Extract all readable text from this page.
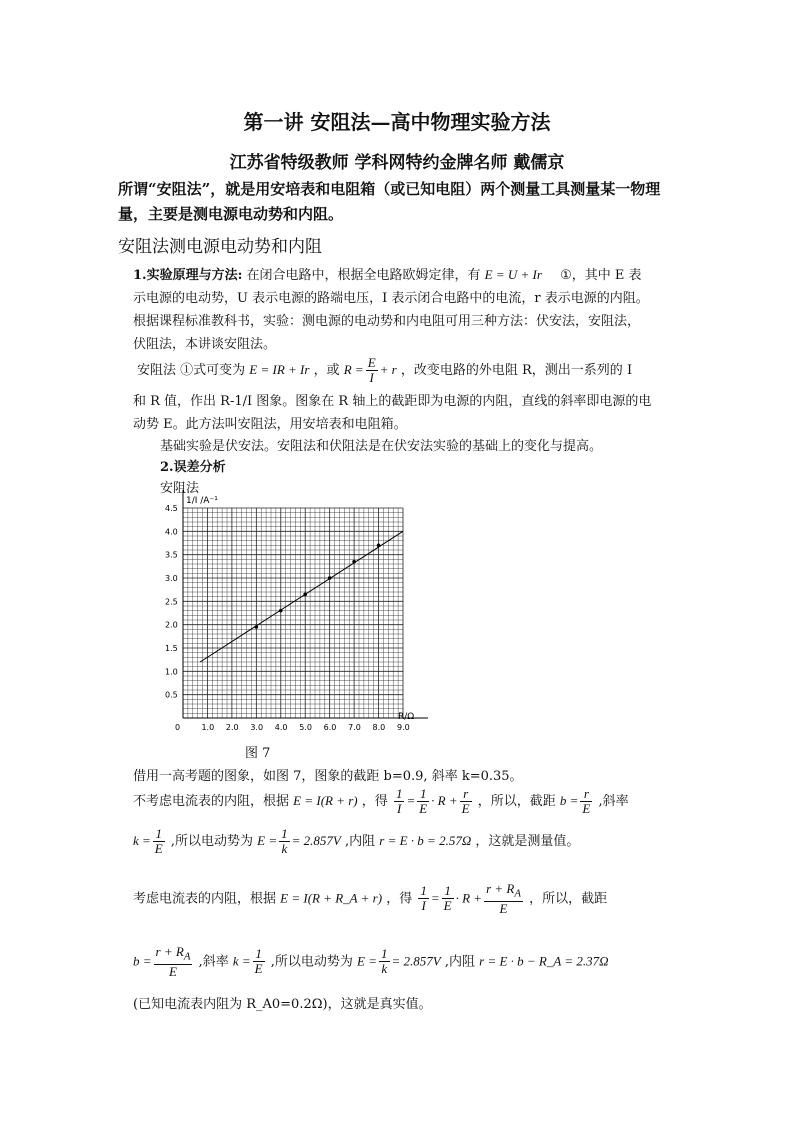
第一讲 安阻法—高中物理实验方法
江苏省特级教师 学科网特约金牌名师 戴儒京
所谓“安阻法”，就是用安培表和电阻箱（或已知电阻）两个测量工具测量某一物理量，主要是测电源电动势和内阻。
安阻法测电源电动势和内阻
1.实验原理与方法: 在闭合电路中，根据全电路欧姆定律，有 E = U + Ir ①，其中 E 表
示电源的电动势，U 表示电源的路端电压，I 表示闭合电路中的电流，r 表示电源的内阻。
根据课程标准教科书，实验：测电源的电动势和内电阻可用三种方法：伏安法，安阻法，
伏阻法，本讲谈安阻法。
安阻法 ①式可变为 E = IR + Ir ，或 $R = \frac{E}{I} + r$ ，改变电路的外电阻 R，测出一系列的 I
和 R 值，作出 R-1/I 图象。图象在 R 轴上的截距即为电源的内阻，直线的斜率即电源的电
动势 E。此方法叫安阻法，用安培表和电阻箱。
基础实验是伏安法。安阻法和伏阻法是在伏安法实验的基础上的变化与提高。
2.误差分析
安阻法
0	1.0 2.0 3.0 4.0 5.0 6.0 7.0 8.0 9.0
0.5
1.0
1.5
2.0
2.5
3.0
3.5
4.0
4.5
R/Ω
1/I /A⁻¹
图 7
借用一高考题的图象，如图 7，图象的截距 b=0.9, 斜率 k=0.35。
不考虑电流表的内阻，根据 E = I(R + r) ，得 $\frac{1}{I} = \frac{1}{E} \cdot R + \frac{r}{E}$ ，所以，截距 $b = \frac{r}{E}$ ,斜率
$k = \frac{1}{E}$ ,所以电动势为 $E = \frac{1}{k} = 2.857V$ ,内阻 r = E · b = 2.57Ω ，这就是测量值。
考虑电流表的内阻，根据 E = I(R + R_A + r) ，得 $\frac{1}{I} = \frac{1}{E} \cdot R + \frac{r + R_A}{E}$ ，所以，截距
$b = \frac{r + R_A}{E}$ ,斜率 $k = \frac{1}{E}$ ,所以电动势为 $E = \frac{1}{k} = 2.857V$ ,内阻 r = E · b − R_A = 2.37Ω
(已知电流表内阻为 R_A0=0.2Ω)，这就是真实值。
